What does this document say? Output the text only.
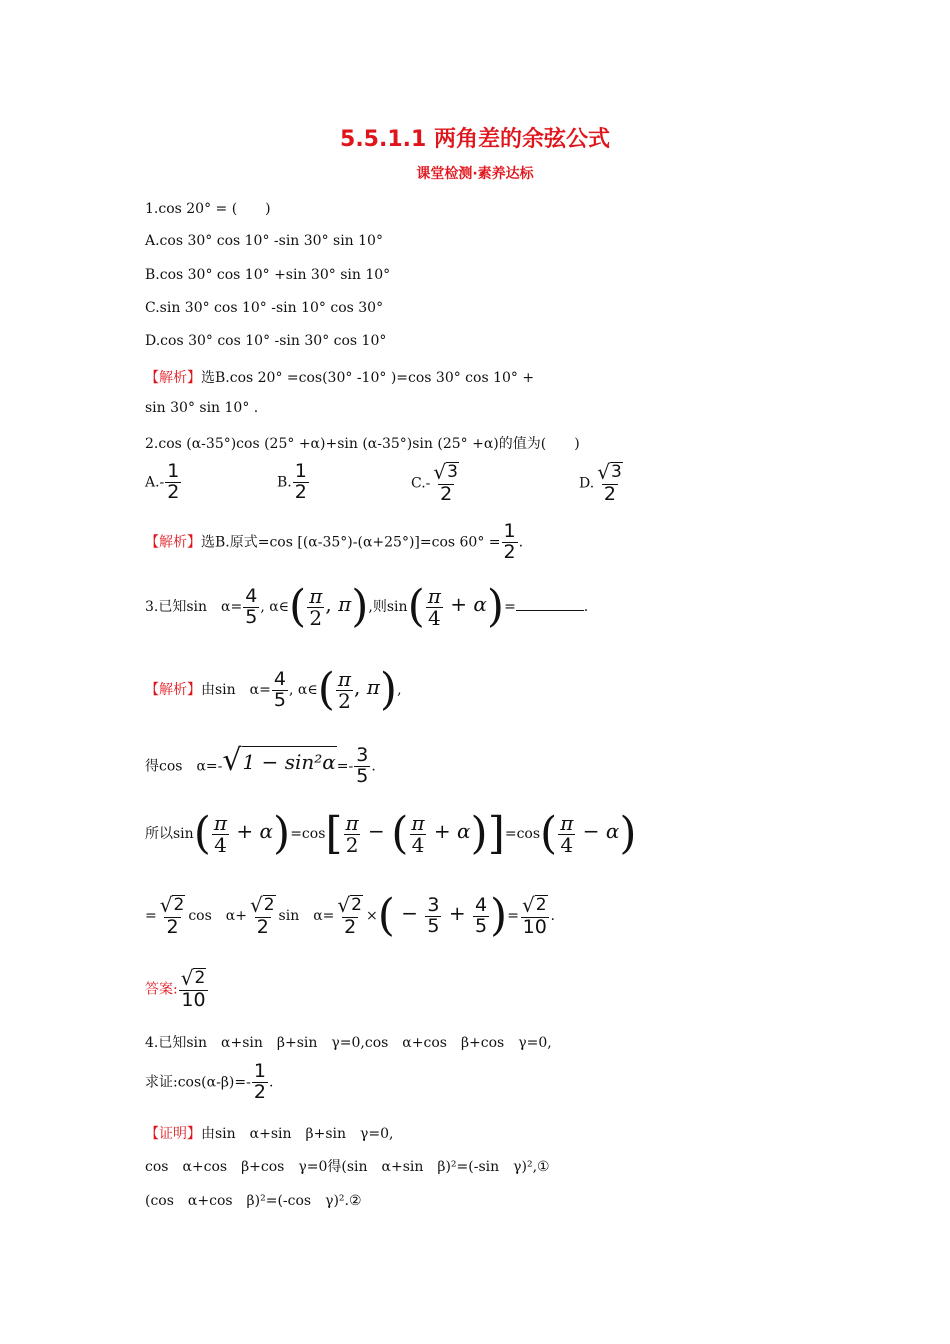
5.5.1.1 两角差的余弦公式
课堂检测·素养达标
1.cos 20° = (　　)
A.cos 30° cos 10° -sin 30° sin 10°
B.cos 30° cos 10° +sin 30° sin 10°
C.sin 30° cos 10° -sin 10° cos 30°
D.cos 30° cos 10° -sin 30° cos 10°
【解析】选B.cos 20° =cos(30° -10° )=cos 30° cos 10° +
sin 30° sin 10° .
2.cos (α-35°)cos (25° +α)+sin (α-35°)sin (25° +α)的值为(　　)
$A.- \frac{1}{2}$	B. $\frac{1}{2}$	$C.- \frac{√ 3}{2}$	D. $\frac{√ 3}{2}$
【解析】选B.原式=cos [(α-35°)-(α+25°)]=cos $60^\circ = \frac{1}{2}$ .
3.已知sin　$\alpha= \frac{4}{5}$ , α∈( $\frac{\pi}{2}$ , π),则$\sin( \frac{\pi}{4} + \alpha)=$	.
【解析】由sin　$\alpha= \frac{4}{5}$ , α∈( $\frac{\pi}{2}$ , π),
得cos　α=- √ $1 - \sin^2\alpha =- \frac{3}{5}$ .
所以$\sin( \frac{\pi}{4} + \alpha)=\cos[ \frac{\pi}{2}$ − ( $\frac{\pi}{4} + \alpha)]=\cos( \frac{\pi}{4} - \alpha)$
= $\frac{√ 2}{2}$ cos　$\alpha+ \frac{√ 2}{2}$ sin　$\alpha= \frac{√ 2}{2}$ ×( − $\frac{3}{5} + \frac{4}{5}$ )= $\frac{√ 2}{10}$ .
答案: $\frac{√ 2}{10}$
4.已知sin　α+sin　β+sin　γ=0,cos　α+cos　β+cos　γ=0,
求证:cos(α-β)=- $\frac{1}{2}$ .
【证明】由sin　α+sin　β+sin　γ=0,
cos　α+cos　β+cos　γ=0得(sin　α+sin　β)²=(-sin　γ)²,①
(cos　α+cos　β)²=(-cos　γ)².②
